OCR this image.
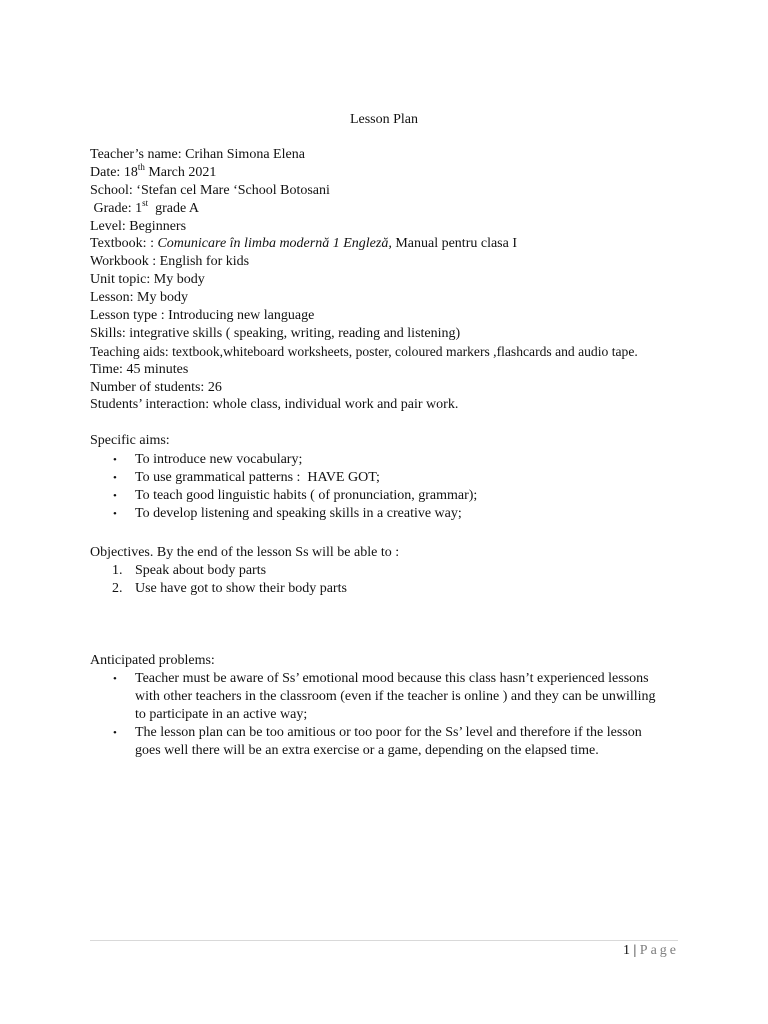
Lesson Plan
Teacher’s name: Crihan Simona Elena
Date: 18th March 2021
School: ‘Stefan cel Mare ‘School Botosani
Grade: 1st  grade A
Level: Beginners
Textbook: : Comunicare în limba modernă 1 Engleză, Manual pentru clasa I
Workbook : English for kids
Unit topic: My body
Lesson: My body
Lesson type : Introducing new language
Skills: integrative skills ( speaking, writing, reading and listening)
Teaching aids: textbook,whiteboard worksheets, poster, coloured markers ,flashcards and audio tape.
Time: 45 minutes
Number of students: 26
Students’ interaction: whole class, individual work and pair work.
Specific aims:
• To introduce new vocabulary;
• To use grammatical patterns :  HAVE GOT;
• To teach good linguistic habits ( of pronunciation, grammar);
• To develop listening and speaking skills in a creative way;
Objectives. By the end of the lesson Ss will be able to :
1. Speak about body parts
2. Use have got to show their body parts
Anticipated problems:
• Teacher must be aware of Ss’ emotional mood because this class hasn’t experienced lessons with other teachers in the classroom (even if the teacher is online ) and they can be unwilling to participate in an active way;
• The lesson plan can be too amitious or too poor for the Ss’ level and therefore if the lesson goes well there will be an extra exercise or a game, depending on the elapsed time.
1 | Page
